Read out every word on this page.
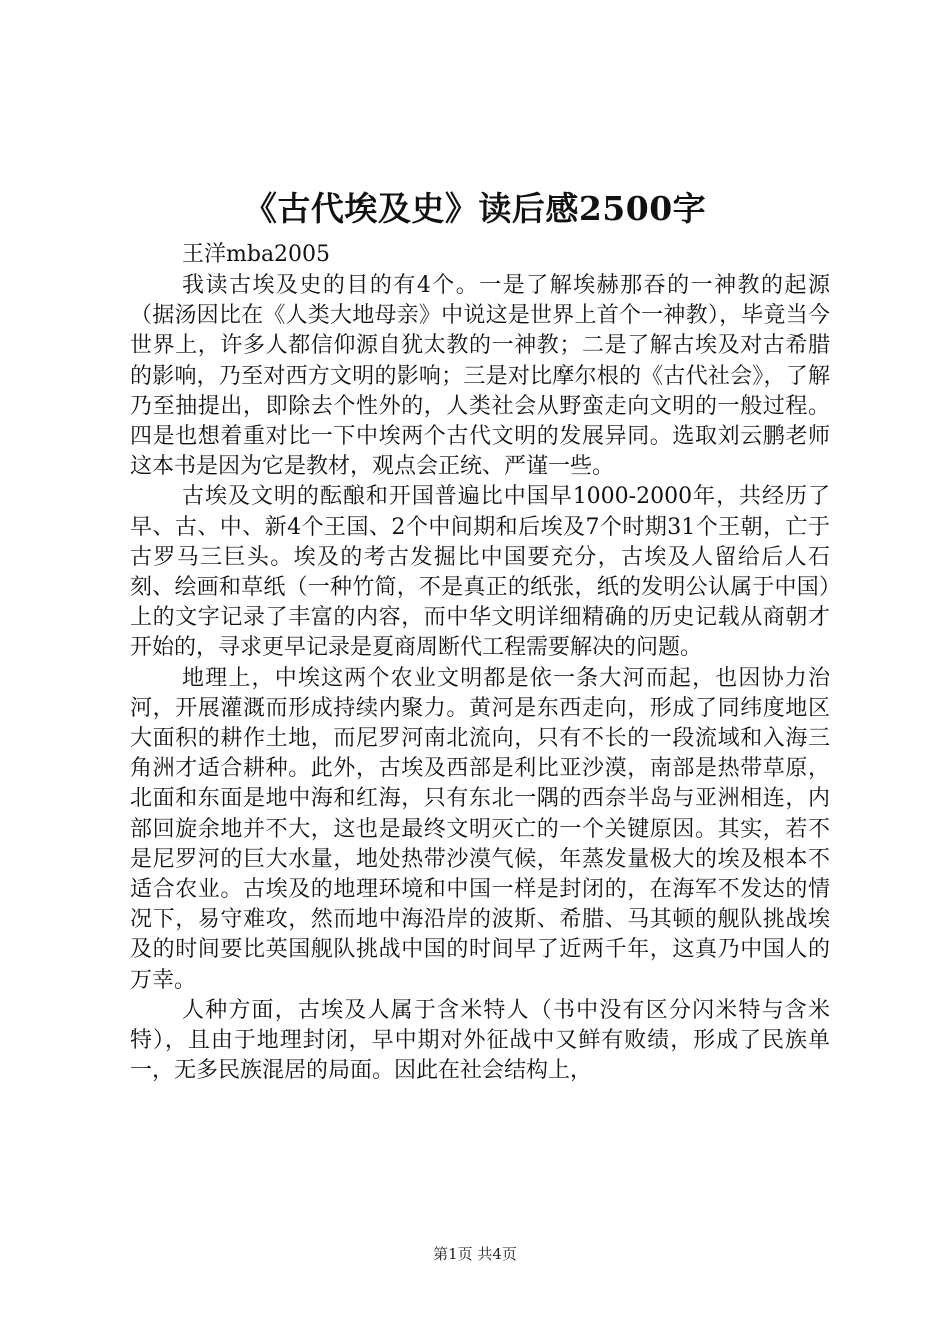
《古代埃及史》读后感2500字
王洋mba2005

我读古埃及史的目的有4个。一是了解埃赫那吞的一神教的起源（据汤因比在《人类大地母亲》中说这是世界上首个一神教），毕竟当今世界上，许多人都信仰源自犹太教的一神教；二是了解古埃及对古希腊的影响，乃至对西方文明的影响；三是对比摩尔根的《古代社会》，了解乃至抽提出，即除去个性外的，人类社会从野蛮走向文明的一般过程。四是也想着重对比一下中埃两个古代文明的发展异同。选取刘云鹏老师这本书是因为它是教材，观点会正统、严谨一些。

古埃及文明的酝酿和开国普遍比中国早1000-2000年，共经历了早、古、中、新4个王国、2个中间期和后埃及7个时期31个王朝，亡于古罗马三巨头。埃及的考古发掘比中国要充分，古埃及人留给后人石刻、绘画和草纸（一种竹简，不是真正的纸张，纸的发明公认属于中国）上的文字记录了丰富的内容，而中华文明详细精确的历史记载从商朝才开始的，寻求更早记录是夏商周断代工程需要解决的问题。

地理上，中埃这两个农业文明都是依一条大河而起，也因协力治河，开展灌溉而形成持续内聚力。黄河是东西走向，形成了同纬度地区大面积的耕作土地，而尼罗河南北流向，只有不长的一段流域和入海三角洲才适合耕种。此外，古埃及西部是利比亚沙漠，南部是热带草原，北面和东面是地中海和红海，只有东北一隅的西奈半岛与亚洲相连，内部回旋余地并不大，这也是最终文明灭亡的一个关键原因。其实，若不是尼罗河的巨大水量，地处热带沙漠气候，年蒸发量极大的埃及根本不适合农业。古埃及的地理环境和中国一样是封闭的，在海军不发达的情况下，易守难攻，然而地中海沿岸的波斯、希腊、马其顿的舰队挑战埃及的时间要比英国舰队挑战中国的时间早了近两千年，这真乃中国人的万幸。

人种方面，古埃及人属于含米特人（书中没有区分闪米特与含米特），且由于地理封闭，早中期对外征战中又鲜有败绩，形成了民族单一，无多民族混居的局面。因此在社会结构上，

第1页 共4页
